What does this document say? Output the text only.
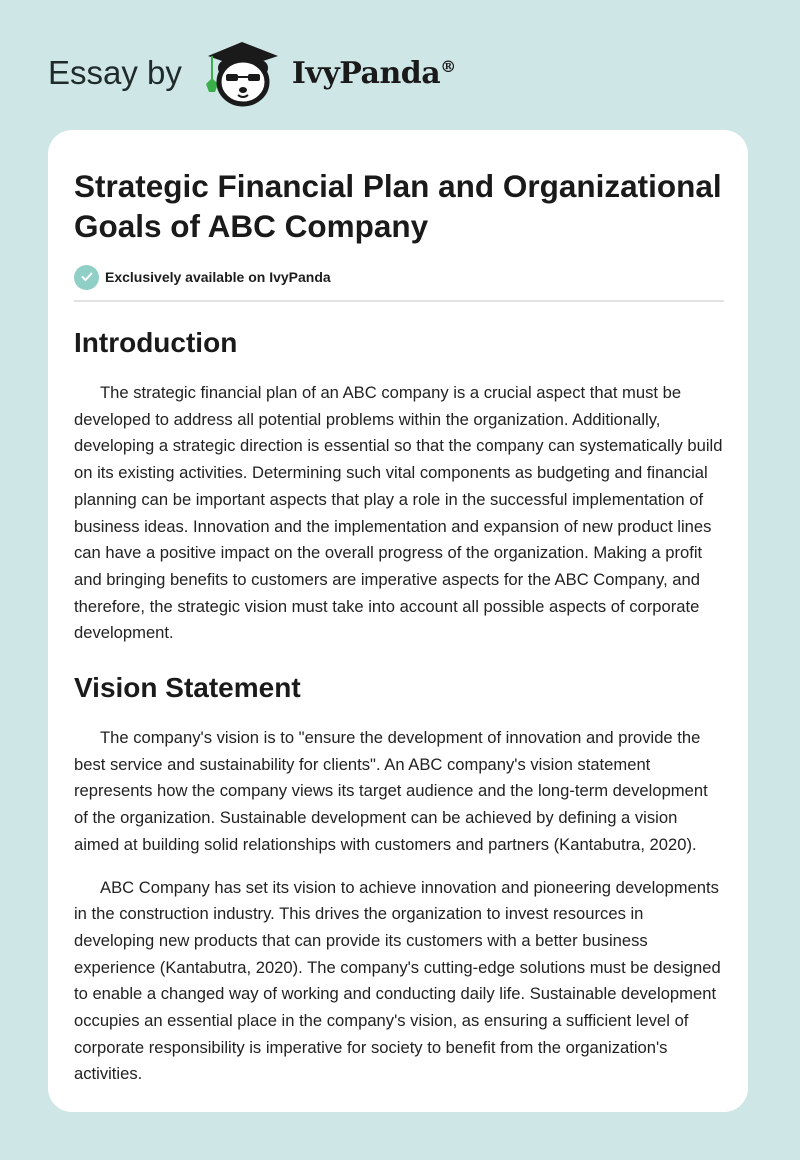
Essay by	IvyPanda®
Strategic Financial Plan and Organizational Goals of ABC Company
Exclusively available on IvyPanda
Introduction

The strategic financial plan of an ABC company is a crucial aspect that must be developed to address all potential problems within the organization. Additionally, developing a strategic direction is essential so that the company can systematically build on its existing activities. Determining such vital components as budgeting and financial planning can be important aspects that play a role in the successful implementation of business ideas. Innovation and the implementation and expansion of new product lines can have a positive impact on the overall progress of the organization. Making a profit and bringing benefits to customers are imperative aspects for the ABC Company, and therefore, the strategic vision must take into account all possible aspects of corporate development.

Vision Statement

The company's vision is to "ensure the development of innovation and provide the best service and sustainability for clients". An ABC company's vision statement represents how the company views its target audience and the long-term development of the organization. Sustainable development can be achieved by defining a vision aimed at building solid relationships with customers and partners (Kantabutra, 2020).

ABC Company has set its vision to achieve innovation and pioneering developments in the construction industry. This drives the organization to invest resources in developing new products that can provide its customers with a better business experience (Kantabutra, 2020). The company's cutting-edge solutions must be designed to enable a changed way of working and conducting daily life. Sustainable development occupies an essential place in the company's vision, as ensuring a sufficient level of corporate responsibility is imperative for society to benefit from the organization's activities.
